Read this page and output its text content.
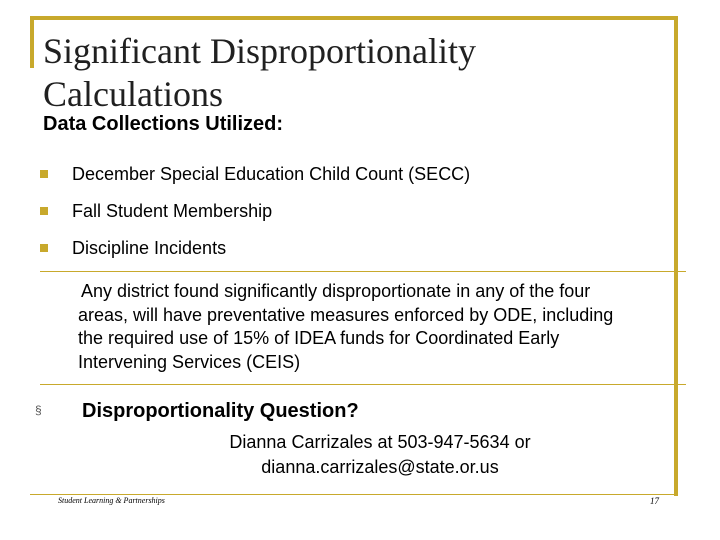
Significant Disproportionality
Calculations
Data Collections Utilized:
December Special Education Child Count (SECC)
Fall Student Membership
Discipline Incidents
Any district found significantly disproportionate in any of the four
areas, will have preventative measures enforced by ODE, including
the required use of 15% of IDEA funds for Coordinated Early
Intervening Services (CEIS)
§ Disproportionality Question?
Dianna Carrizales at 503-947-5634 or
dianna.carrizales@state.or.us
Student Learning & Partnerships	17
